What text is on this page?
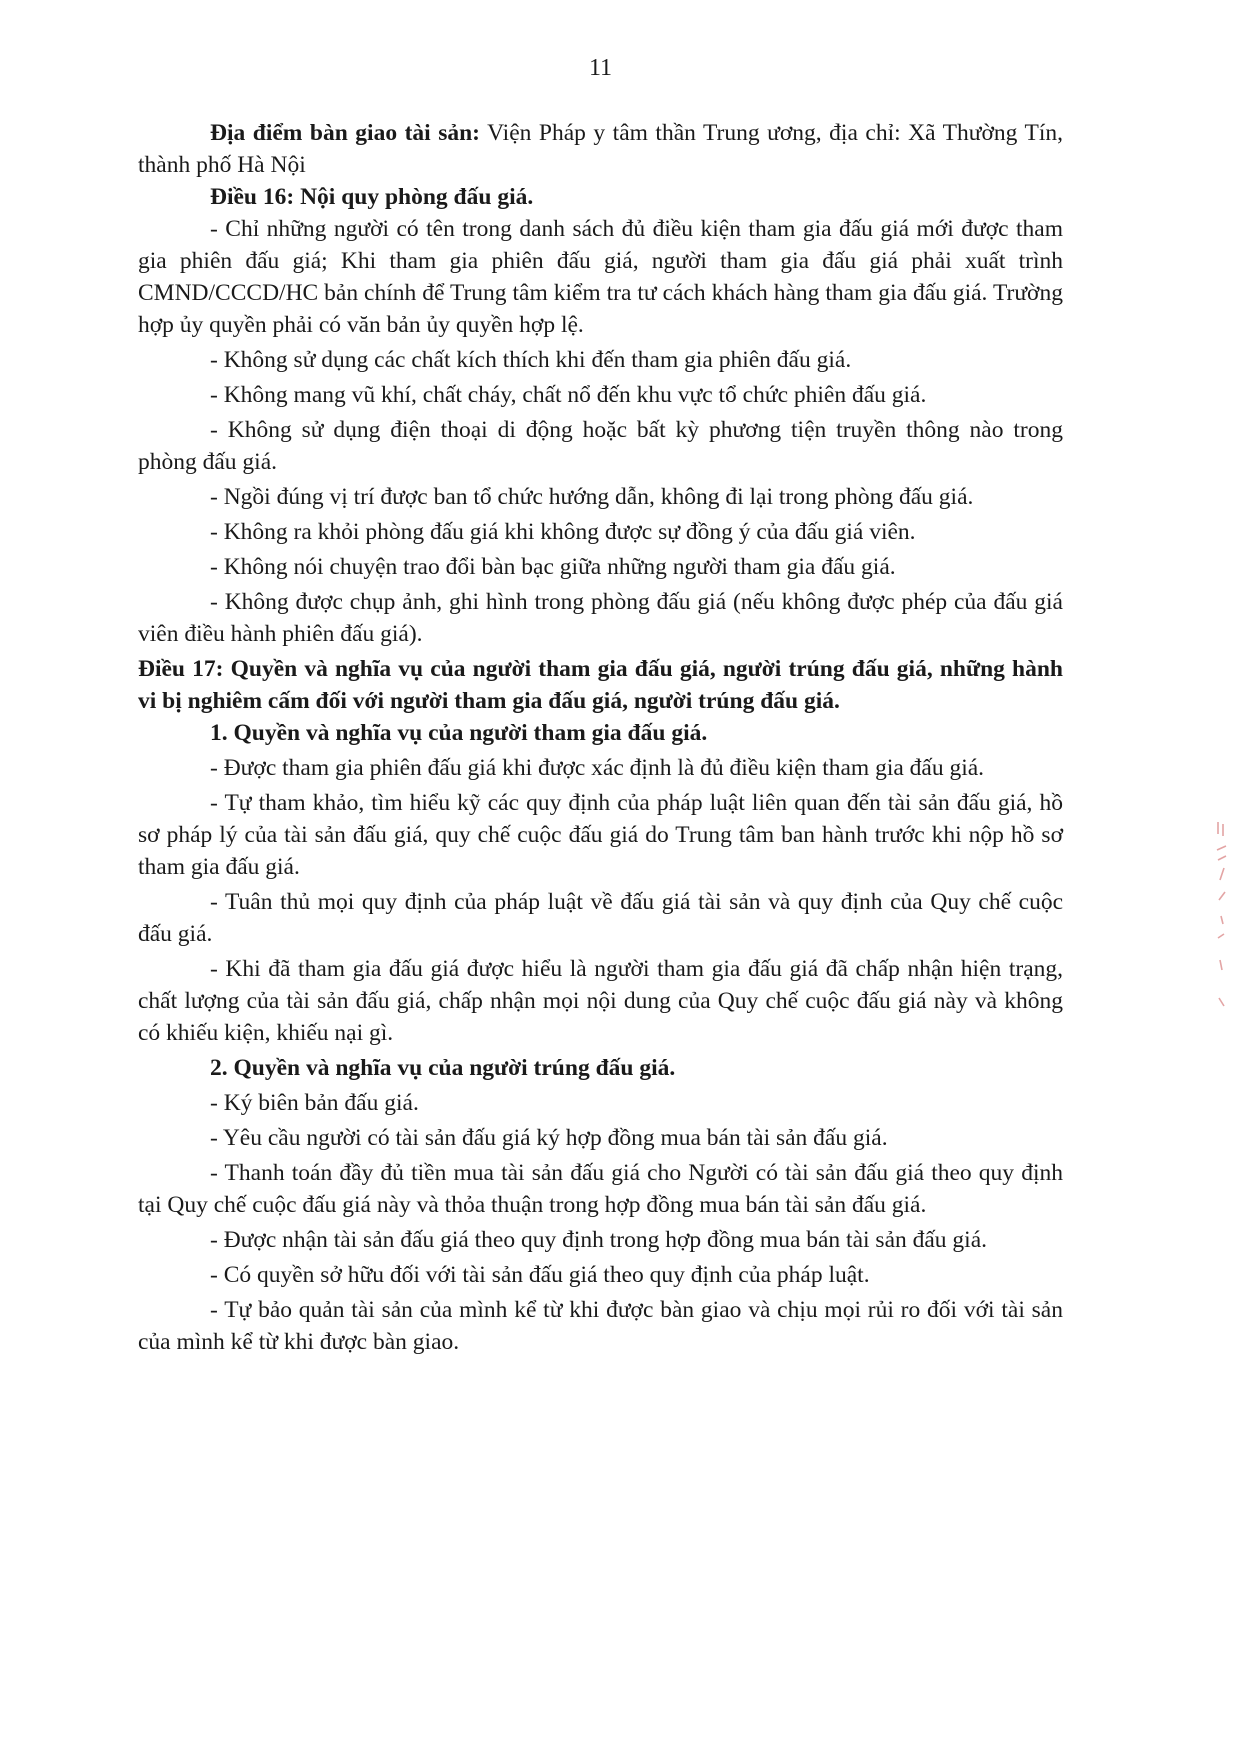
11

Địa điểm bàn giao tài sản: Viện Pháp y tâm thần Trung ương, địa chỉ: Xã Thường Tín, thành phố Hà Nội

Điều 16: Nội quy phòng đấu giá.

- Chỉ những người có tên trong danh sách đủ điều kiện tham gia đấu giá mới được tham gia phiên đấu giá; Khi tham gia phiên đấu giá, người tham gia đấu giá phải xuất trình CMND/CCCD/HC bản chính để Trung tâm kiểm tra tư cách khách hàng tham gia đấu giá. Trường hợp ủy quyền phải có văn bản ủy quyền hợp lệ.

- Không sử dụng các chất kích thích khi đến tham gia phiên đấu giá.

- Không mang vũ khí, chất cháy, chất nổ đến khu vực tổ chức phiên đấu giá.

- Không sử dụng điện thoại di động hoặc bất kỳ phương tiện truyền thông nào trong phòng đấu giá.

- Ngồi đúng vị trí được ban tổ chức hướng dẫn, không đi lại trong phòng đấu giá.

- Không ra khỏi phòng đấu giá khi không được sự đồng ý của đấu giá viên.

- Không nói chuyện trao đổi bàn bạc giữa những người tham gia đấu giá.

- Không được chụp ảnh, ghi hình trong phòng đấu giá (nếu không được phép của đấu giá viên điều hành phiên đấu giá).

Điều 17: Quyền và nghĩa vụ của người tham gia đấu giá, người trúng đấu giá, những hành vi bị nghiêm cấm đối với người tham gia đấu giá, người trúng đấu giá.

1. Quyền và nghĩa vụ của người tham gia đấu giá.

- Được tham gia phiên đấu giá khi được xác định là đủ điều kiện tham gia đấu giá.

- Tự tham khảo, tìm hiểu kỹ các quy định của pháp luật liên quan đến tài sản đấu giá, hồ sơ pháp lý của tài sản đấu giá, quy chế cuộc đấu giá do Trung tâm ban hành trước khi nộp hồ sơ tham gia đấu giá.

- Tuân thủ mọi quy định của pháp luật về đấu giá tài sản và quy định của Quy chế cuộc đấu giá.

- Khi đã tham gia đấu giá được hiểu là người tham gia đấu giá đã chấp nhận hiện trạng, chất lượng của tài sản đấu giá, chấp nhận mọi nội dung của Quy chế cuộc đấu giá này và không có khiếu kiện, khiếu nại gì.

2. Quyền và nghĩa vụ của người trúng đấu giá.

- Ký biên bản đấu giá.

- Yêu cầu người có tài sản đấu giá ký hợp đồng mua bán tài sản đấu giá.

- Thanh toán đầy đủ tiền mua tài sản đấu giá cho Người có tài sản đấu giá theo quy định tại Quy chế cuộc đấu giá này và thỏa thuận trong hợp đồng mua bán tài sản đấu giá.

- Được nhận tài sản đấu giá theo quy định trong hợp đồng mua bán tài sản đấu giá.

- Có quyền sở hữu đối với tài sản đấu giá theo quy định của pháp luật.

- Tự bảo quản tài sản của mình kể từ khi được bàn giao và chịu mọi rủi ro đối với tài sản của mình kể từ khi được bàn giao.
